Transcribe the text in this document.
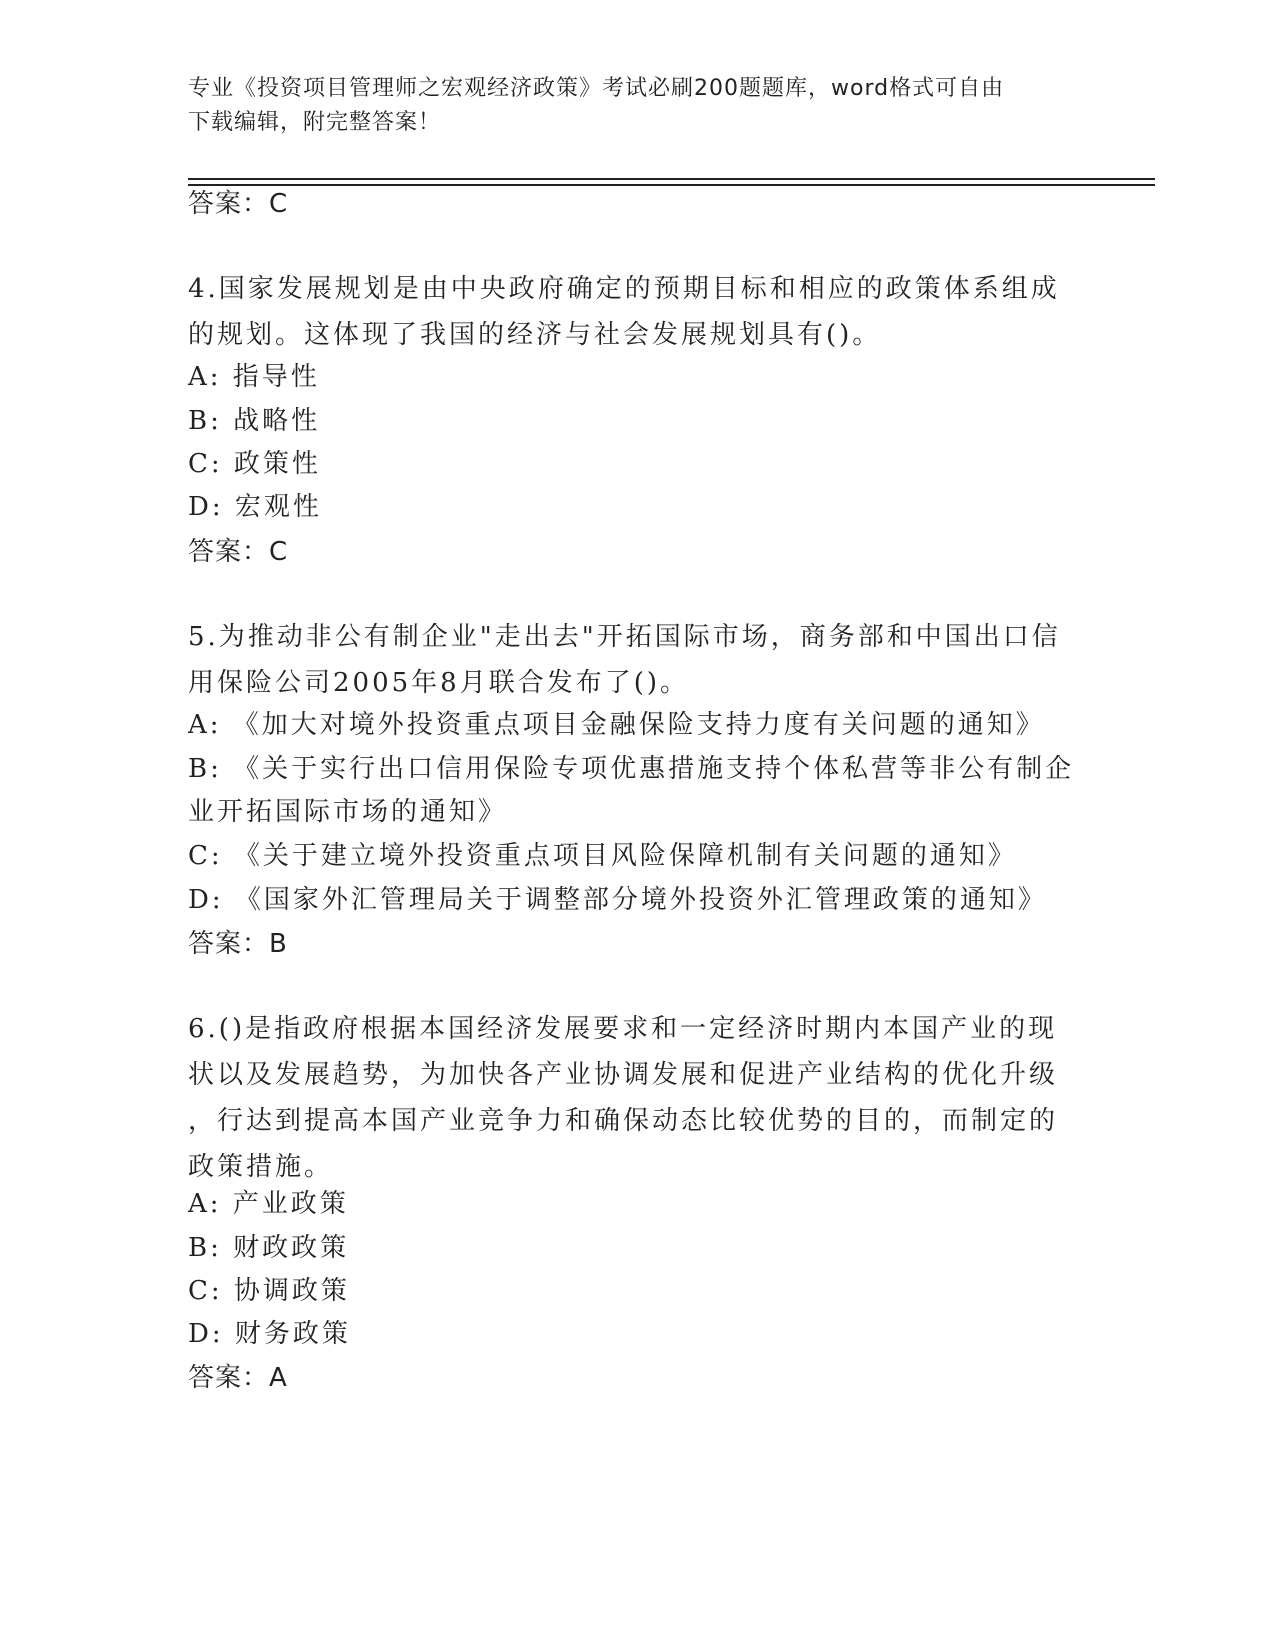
专业《投资项目管理师之宏观经济政策》考试必刷200题题库，word格式可自由
下载编辑，附完整答案！
答案：C
4.国家发展规划是由中央政府确定的预期目标和相应的政策体系组成
的规划。这体现了我国的经济与社会发展规划具有()。
A: 指导性
B: 战略性
C: 政策性
D: 宏观性
答案：C
5.为推动非公有制企业"走出去"开拓国际市场，商务部和中国出口信
用保险公司2005年8月联合发布了()。
A: 《加大对境外投资重点项目金融保险支持力度有关问题的通知》
B: 《关于实行出口信用保险专项优惠措施支持个体私营等非公有制企
业开拓国际市场的通知》
C: 《关于建立境外投资重点项目风险保障机制有关问题的通知》
D: 《国家外汇管理局关于调整部分境外投资外汇管理政策的通知》
答案：B
6.()是指政府根据本国经济发展要求和一定经济时期内本国产业的现
状以及发展趋势，为加快各产业协调发展和促进产业结构的优化升级
，行达到提高本国产业竞争力和确保动态比较优势的目的，而制定的
政策措施。
A: 产业政策
B: 财政政策
C: 协调政策
D: 财务政策
答案：A
